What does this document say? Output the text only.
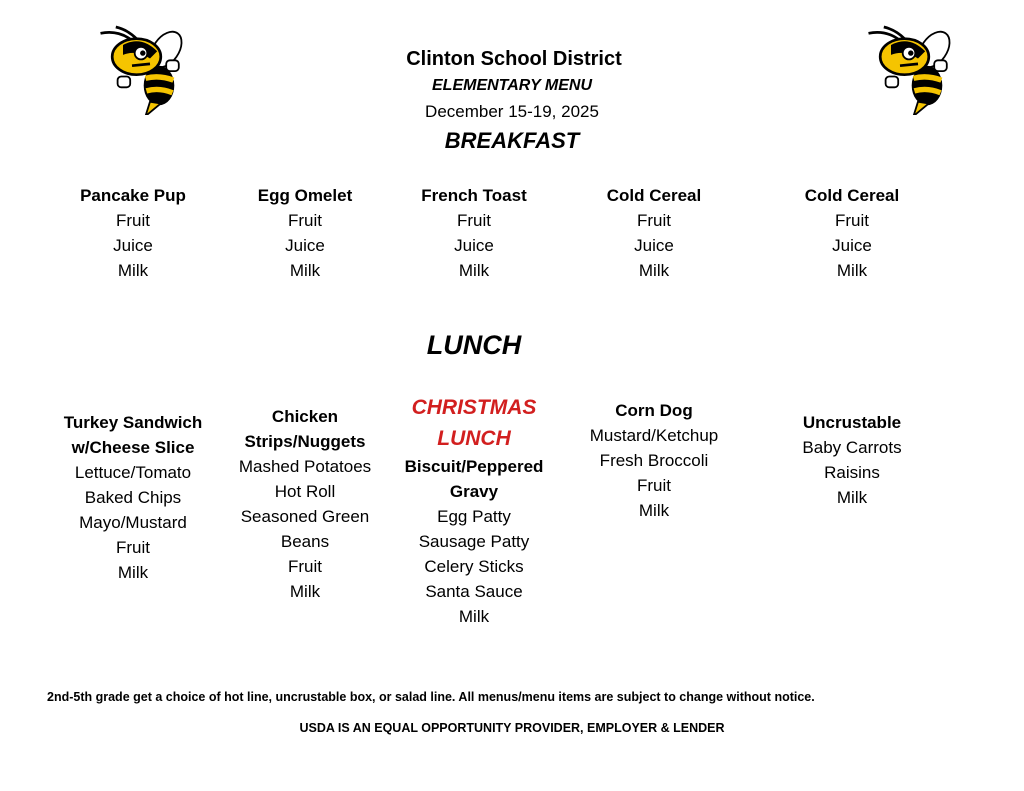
Clinton School District
ELEMENTARY MENU
December 15-19, 2025
BREAKFAST
LUNCH
Pancake Pup
Fruit
Juice
Milk
Egg Omelet
Fruit
Juice
Milk
French Toast
Fruit
Juice
Milk
Cold Cereal
Fruit
Juice
Milk
Cold Cereal
Fruit
Juice
Milk
Turkey Sandwich
w/Cheese Slice
Lettuce/Tomato
Baked Chips
Mayo/Mustard
Fruit
Milk
Chicken
Strips/Nuggets
Mashed Potatoes
Hot Roll
Seasoned Green
Beans
Fruit
Milk
CHRISTMAS
LUNCH
Biscuit/Peppered
Gravy
Egg Patty
Sausage Patty
Celery Sticks
Santa Sauce
Milk
Corn Dog
Mustard/Ketchup
Fresh Broccoli
Fruit
Milk
Uncrustable
Baby Carrots
Raisins
Milk
2nd-5th grade get a choice of hot line, uncrustable box, or salad line. All menus/menu items are subject to change without notice.
USDA IS AN EQUAL OPPORTUNITY PROVIDER, EMPLOYER & LENDER
